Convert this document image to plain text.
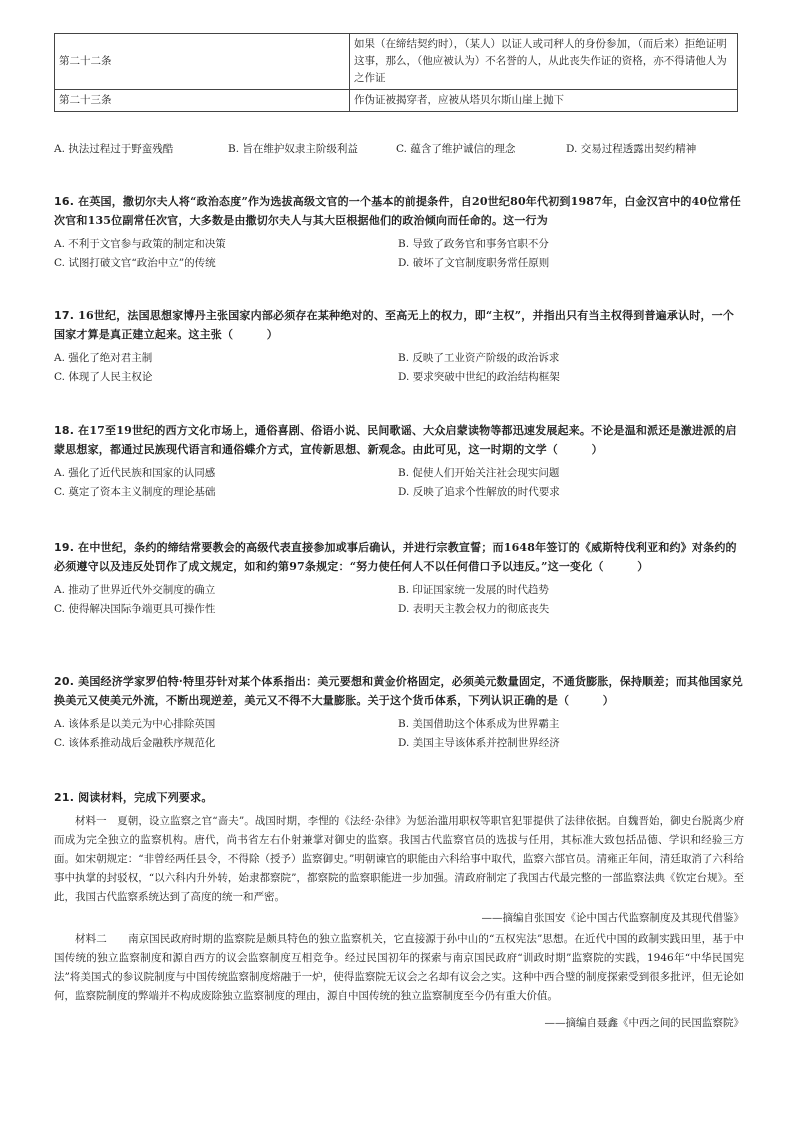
第二十二条	如果（在缔结契约时），（某人）以证人或司秤人的身份参加，（而后来）拒绝证明这事，那么，（他应被认为）不名誉的人，从此丧失作证的资格，亦不得请他人为之作证
第二十三条	作伪证被揭穿者，应被从塔贝尔斯山崖上抛下
A. 执法过程过于野蛮残酷	B. 旨在维护奴隶主阶级利益	C. 蕴含了维护诚信的理念	D. 交易过程透露出契约精神
16. 在英国，撒切尔夫人将“政治态度”作为选拔高级文官的一个基本的前提条件，自20世纪80年代初到1987年，白金汉宫中的40位常任次官和135位副常任次官，大多数是由撒切尔夫人与其大臣根据他们的政治倾向而任命的。这一行为
A. 不利于文官参与政策的制定和决策	B. 导致了政务官和事务官职不分
C. 试图打破文官“政治中立”的传统	D. 破坏了文官制度职务常任原则
17. 16世纪，法国思想家博丹主张国家内部必须存在某种绝对的、至高无上的权力，即“主权”，并指出只有当主权得到普遍承认时，一个国家才算是真正建立起来。这主张（　　　）
A. 强化了绝对君主制	B. 反映了工业资产阶级的政治诉求
C. 体现了人民主权论	D. 要求突破中世纪的政治结构框架
18. 在17至19世纪的西方文化市场上，通俗喜剧、俗语小说、民间歌谣、大众启蒙读物等都迅速发展起来。不论是温和派还是激进派的启蒙思想家，都通过民族现代语言和通俗蝶介方式，宣传新思想、新观念。由此可见，这一时期的文学（　　　）
A. 强化了近代民族和国家的认同感	B. 促使人们开始关注社会现实问题
C. 奠定了资本主义制度的理论基础	D. 反映了追求个性解放的时代要求
19. 在中世纪，条约的缔结常要教会的高级代表直接参加或事后确认，并进行宗教宣誓；而1648年签订的《威斯特伐利亚和约》对条约的必须遵守以及违反处罚作了成文规定，如和约第97条规定：“努力使任何人不以任何借口予以违反。”这一变化（　　　）
A. 推动了世界近代外交制度的确立	B. 印证国家统一发展的时代趋势
C. 使得解决国际争端更具可操作性	D. 表明天主教会权力的彻底丧失
20. 美国经济学家罗伯特·特里芬针对某个体系指出：美元要想和黄金价格固定，必须美元数量固定，不通货膨胀，保持顺差；而其他国家兑换美元又使美元外流，不断出现逆差，美元又不得不大量膨胀。关于这个货币体系，下列认识正确的是（　　　）
A. 该体系是以美元为中心排除英国	B. 美国借助这个体系成为世界霸主
C. 该体系推动战后金融秩序规范化	D. 美国主导该体系并控制世界经济
21. 阅读材料，完成下列要求。
材料一　夏朝，设立监察之官“啬夫”。战国时期，李悝的《法经·杂律》为惩治滥用职权等职官犯罪提供了法律依据。自魏晋始，御史台脱离少府而成为完全独立的监察机构。唐代，尚书省左右仆射兼掌对御史的监察。我国古代监察官员的选拔与任用，其标准大致包括品德、学识和经验三方面。如宋朝规定：“非曾经两任县令，不得除（授予）监察御史。”明朝谏官的职能由六科给事中取代，监察六部官员。清雍正年间，清廷取消了六科给事中执掌的封驳权，“以六科内升外转，始隶都察院”，都察院的监察职能进一步加强。清政府制定了我国古代最完整的一部监察法典《钦定台规》。至此，我国古代监察系统达到了高度的统一和严密。
——摘编自张国安《论中国古代监察制度及其现代借鉴》
材料二　　南京国民政府时期的监察院是颇具特色的独立监察机关，它直接源于孙中山的“五权宪法”思想。在近代中国的政制实践田里，基于中国传统的独立监察制度和源自西方的议会监察制度互相竞争。经过民国初年的探索与南京国民政府“训政时期”监察院的实践，1946年“中华民国宪法”将美国式的参议院制度与中国传统监察制度熔融于一炉，使得监察院无议会之名却有议会之实。这种中西合璧的制度探索受到很多批评，但无论如何，监察院制度的弊端并不构成废除独立监察制度的理由，源自中国传统的独立监察制度至今仍有重大价值。
——摘编自聂鑫《中西之间的民国监察院》
